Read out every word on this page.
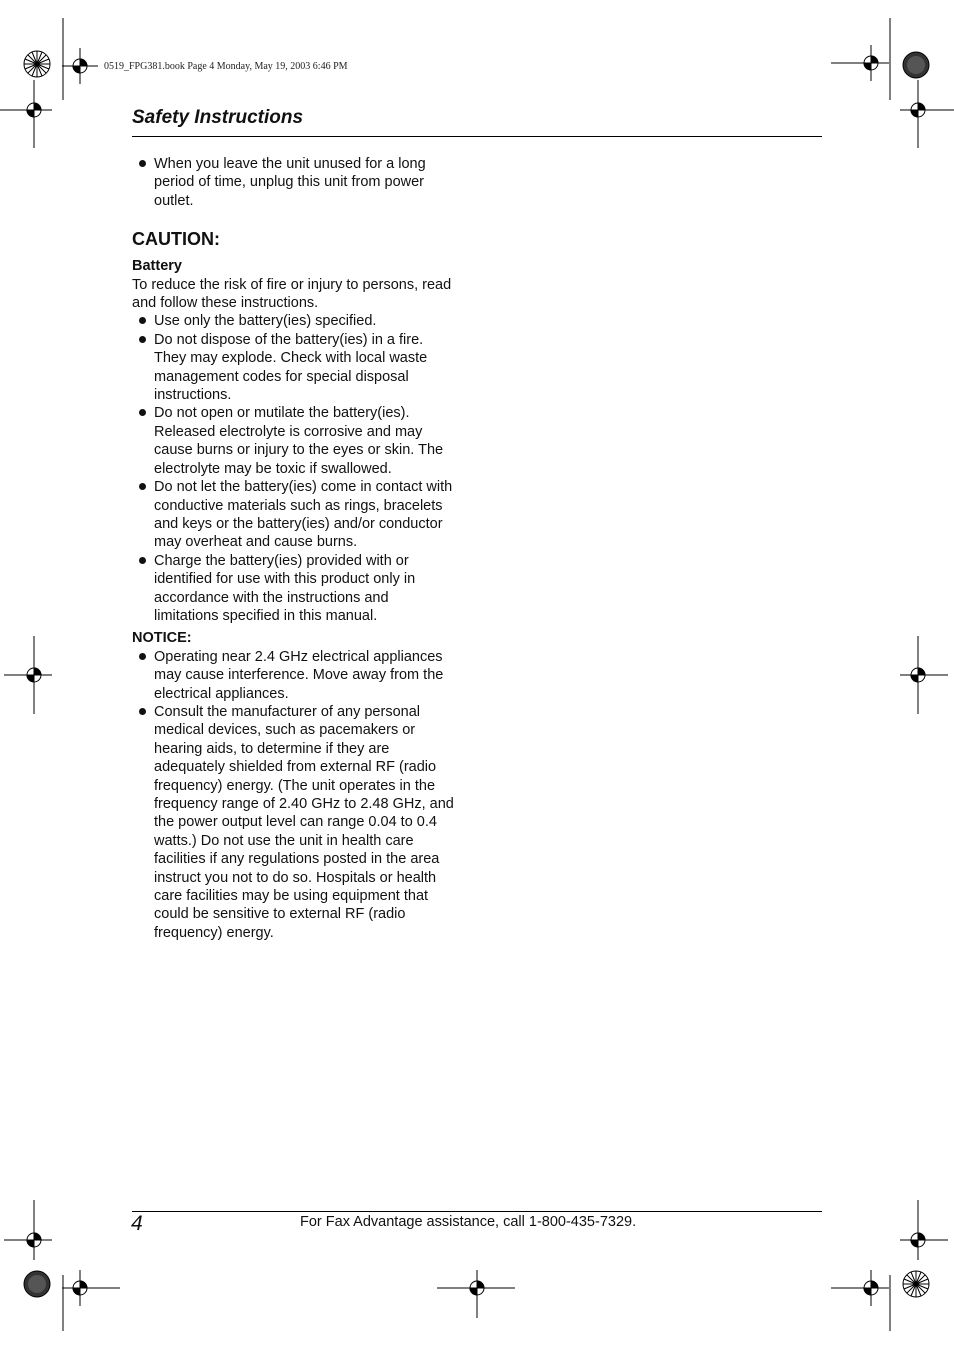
0519_FPG381.book Page 4 Monday, May 19, 2003 6:46 PM
Safety Instructions
When you leave the unit unused for a long period of time, unplug this unit from power outlet.

CAUTION:

Battery

To reduce the risk of fire or injury to persons, read and follow these instructions.

Use only the battery(ies) specified.
Do not dispose of the battery(ies) in a fire. They may explode. Check with local waste management codes for special disposal instructions.
Do not open or mutilate the battery(ies). Released electrolyte is corrosive and may cause burns or injury to the eyes or skin. The electrolyte may be toxic if swallowed.
Do not let the battery(ies) come in contact with conductive materials such as rings, bracelets and keys or the battery(ies) and/or conductor may overheat and cause burns.
Charge the battery(ies) provided with or identified for use with this product only in accordance with the instructions and limitations specified in this manual.

NOTICE:

Operating near 2.4 GHz electrical appliances may cause interference. Move away from the electrical appliances.
Consult the manufacturer of any personal medical devices, such as pacemakers or hearing aids, to determine if they are adequately shielded from external RF (radio frequency) energy. (The unit operates in the frequency range of 2.40 GHz to 2.48 GHz, and the power output level can range 0.04 to 0.4 watts.) Do not use the unit in health care facilities if any regulations posted in the area instruct you not to do so. Hospitals or health care facilities may be using equipment that could be sensitive to external RF (radio frequency) energy.
4	For Fax Advantage assistance, call 1-800-435-7329.
